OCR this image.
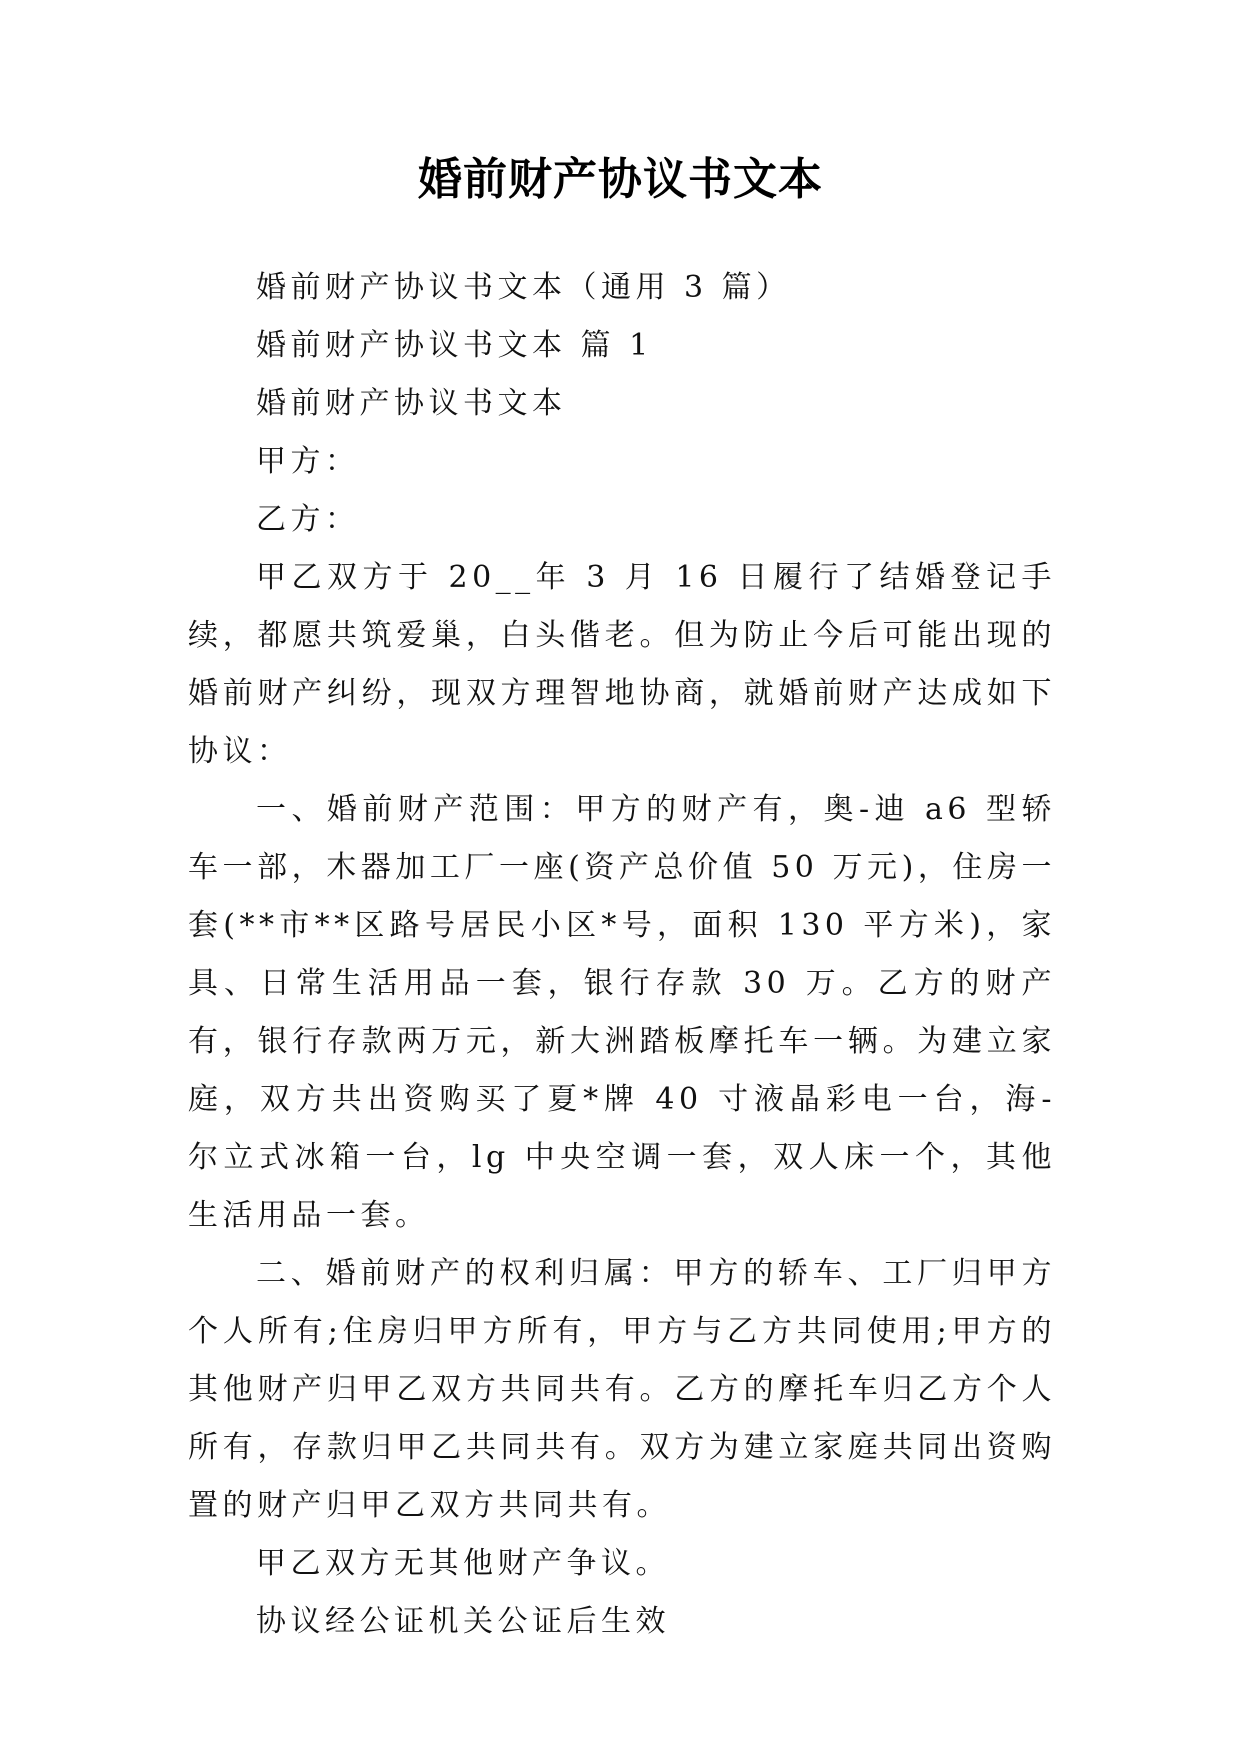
婚前财产协议书文本

婚前财产协议书文本（通用 3 篇）

婚前财产协议书文本 篇 1

婚前财产协议书文本

甲方：

乙方：

甲乙双方于 20__年 3 月 16 日履行了结婚登记手续，都愿共筑爱巢，白头偕老。但为防止今后可能出现的婚前财产纠纷，现双方理智地协商，就婚前财产达成如下协议：

一、婚前财产范围：甲方的财产有，奥-迪 a6 型轿车一部，木器加工厂一座(资产总价值 50 万元)，住房一套(**市**区路号居民小区*号，面积 130 平方米)，家具、日常生活用品一套，银行存款 30 万。乙方的财产有，银行存款两万元，新大洲踏板摩托车一辆。为建立家庭，双方共出资购买了夏*牌 40 寸液晶彩电一台，海-尔立式冰箱一台，lg 中央空调一套，双人床一个，其他生活用品一套。

二、婚前财产的权利归属：甲方的轿车、工厂归甲方个人所有;住房归甲方所有，甲方与乙方共同使用;甲方的其他财产归甲乙双方共同共有。乙方的摩托车归乙方个人所有，存款归甲乙共同共有。双方为建立家庭共同出资购置的财产归甲乙双方共同共有。

甲乙双方无其他财产争议。

协议经公证机关公证后生效
